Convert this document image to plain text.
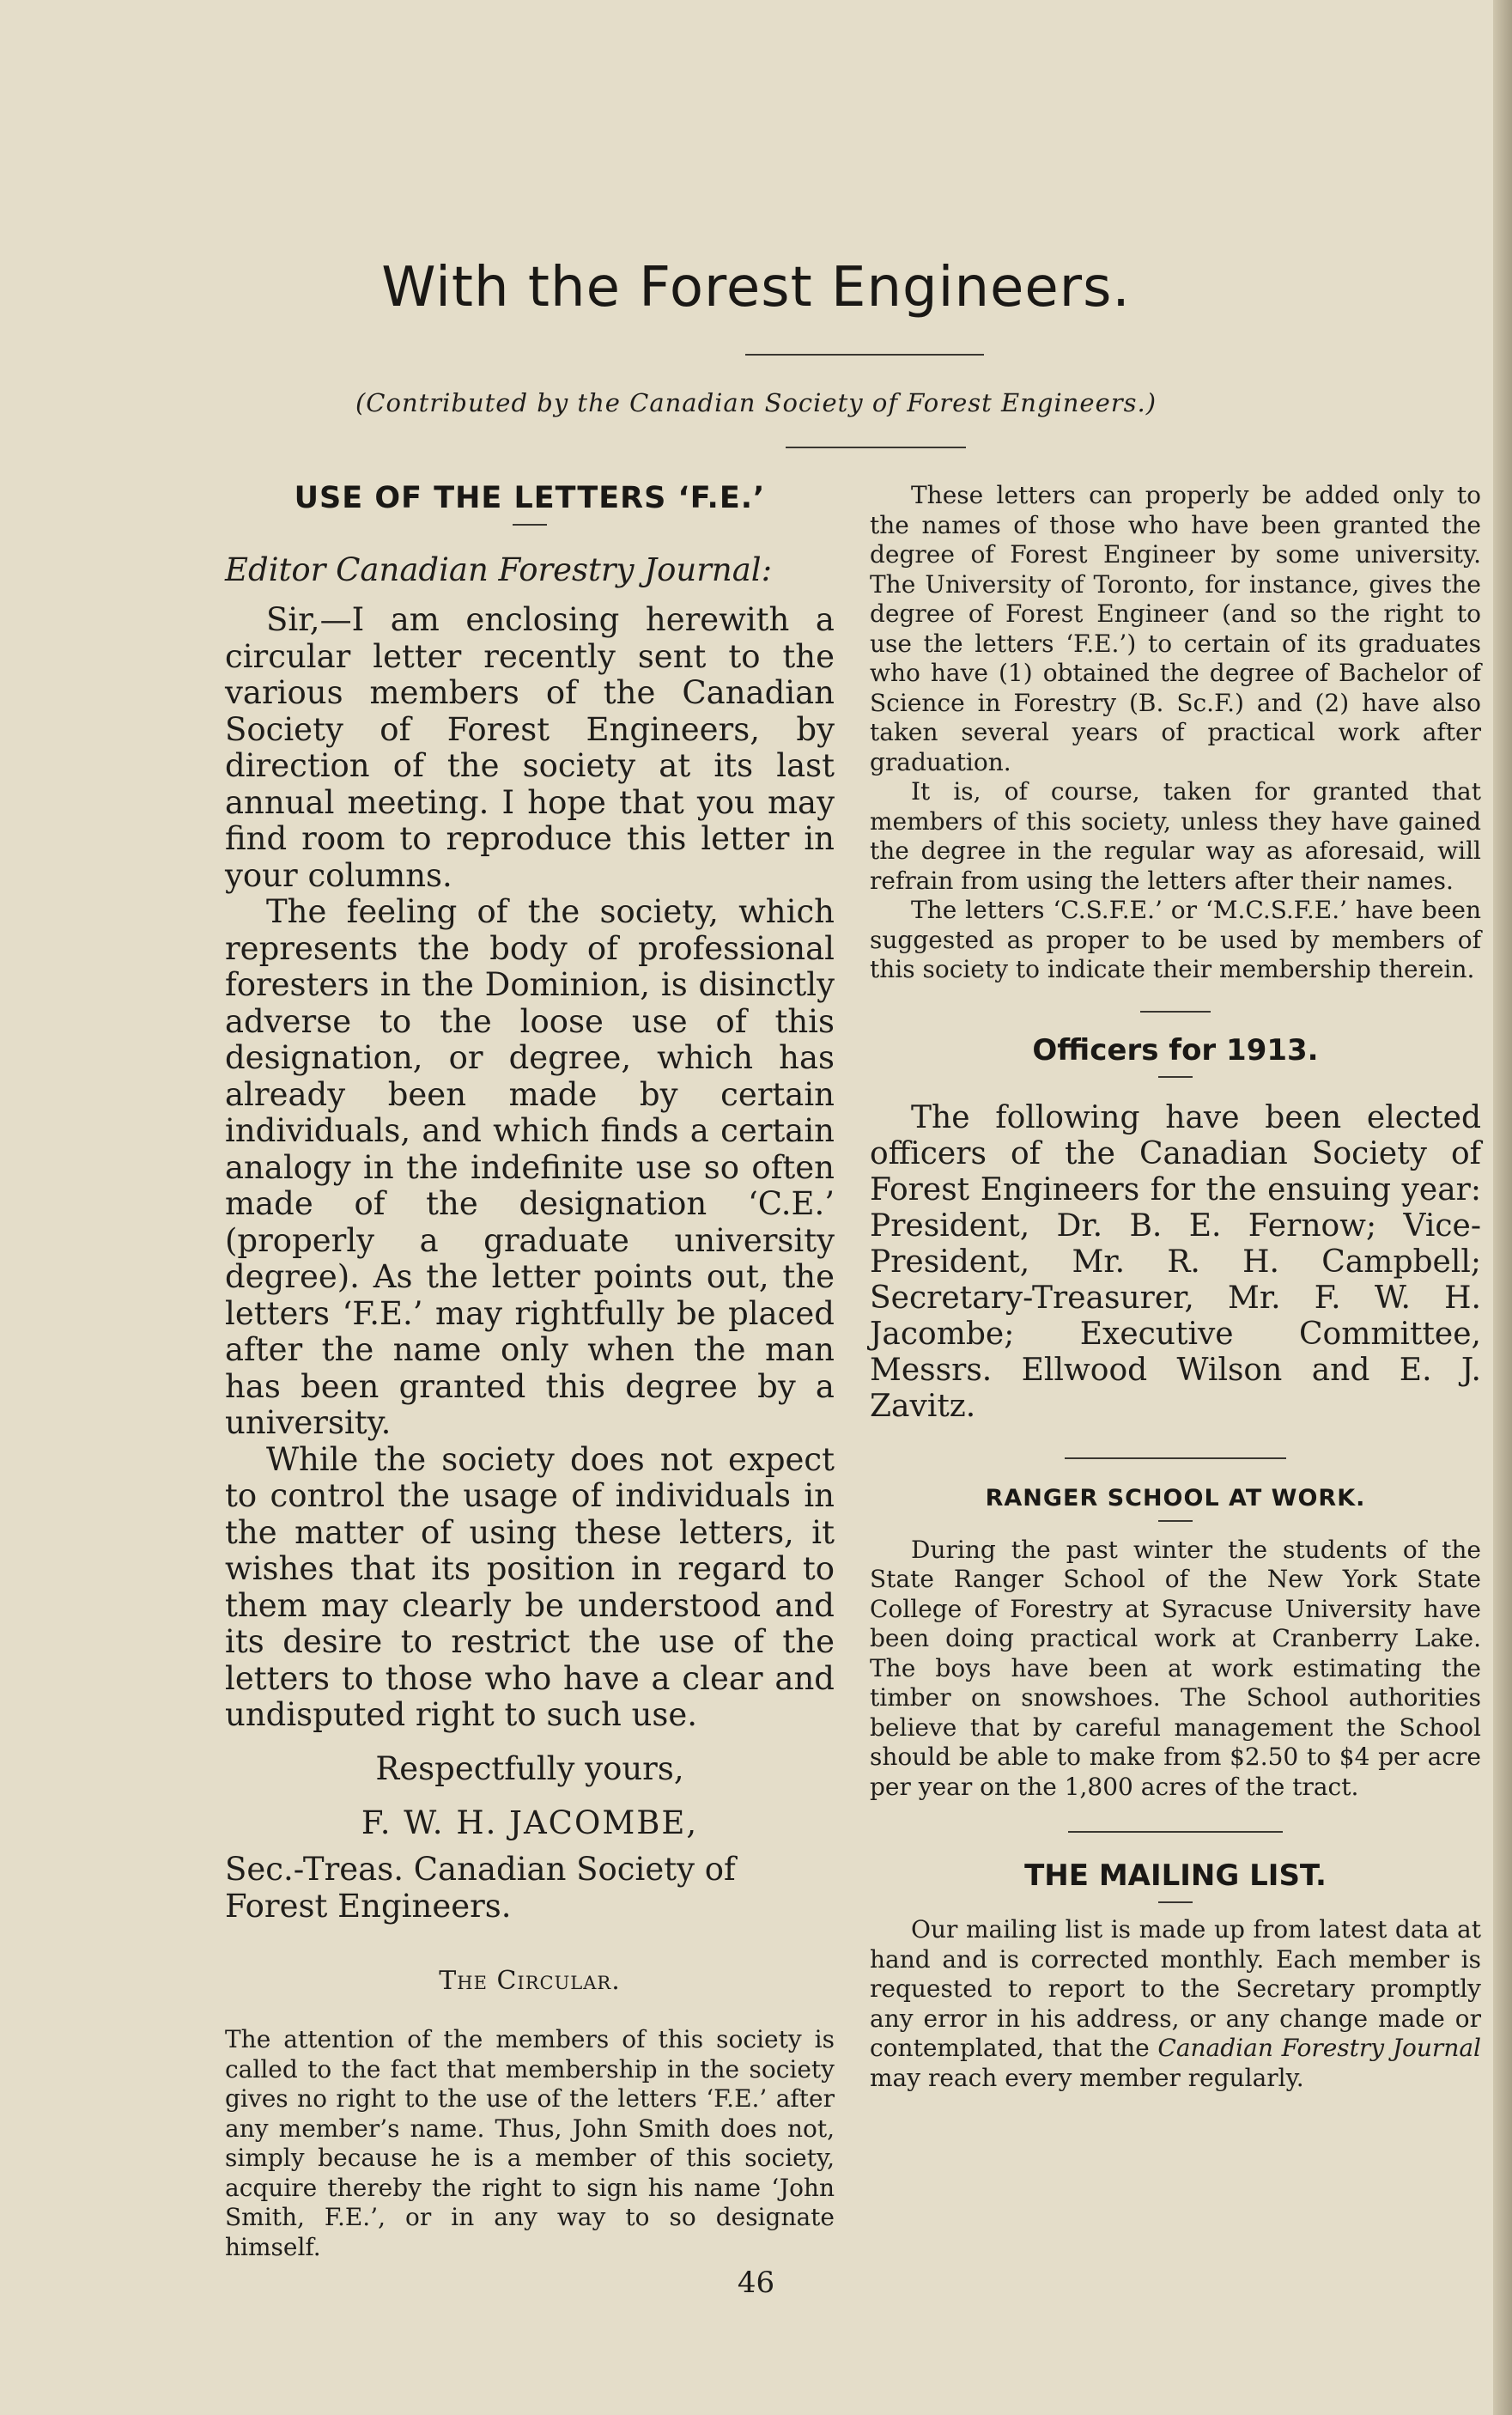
With the Forest Engineers.
(Contributed by the Canadian Society of Forest Engineers.)
USE OF THE LETTERS ‘F.E.’

Editor Canadian Forestry Journal:

Sir,—I am enclosing herewith a circular letter recently sent to the various members of the Canadian Society of Forest Engineers, by direction of the society at its last annual meeting. I hope that you may find room to reproduce this letter in your columns.

The feeling of the society, which represents the body of professional foresters in the Dominion, is disinctly adverse to the loose use of this designation, or degree, which has already been made by certain individuals, and which finds a certain analogy in the indefinite use so often made of the designation ‘C.E.’ (properly a graduate university degree). As the letter points out, the letters ‘F.E.’ may rightfully be placed after the name only when the man has been granted this degree by a university.

While the society does not expect to control the usage of individuals in the matter of using these letters, it wishes that its position in regard to them may clearly be understood and its desire to restrict the use of the letters to those who have a clear and undisputed right to such use.

Respectfully yours,

F. W. H. JACOMBE,

Sec.-Treas. Canadian Society of Forest Engineers.

The Circular.

The attention of the members of this society is called to the fact that membership in the society gives no right to the use of the letters ‘F.E.’ after any member’s name. Thus, John Smith does not, simply because he is a member of this society, acquire thereby the right to sign his name ‘John Smith, F.E.’, or in any way to so designate himself.

These letters can properly be added only to the names of those who have been granted the degree of Forest Engineer by some university. The University of Toronto, for instance, gives the degree of Forest Engineer (and so the right to use the letters ‘F.E.’) to certain of its graduates who have (1) obtained the degree of Bachelor of Science in Forestry (B. Sc.F.) and (2) have also taken several years of practical work after graduation.

It is, of course, taken for granted that members of this society, unless they have gained the degree in the regular way as aforesaid, will refrain from using the letters after their names.

The letters ‘C.S.F.E.’ or ‘M.C.S.F.E.’ have been suggested as proper to be used by members of this society to indicate their membership therein.

Officers for 1913.

The following have been elected officers of the Canadian Society of Forest Engineers for the ensuing year: President, Dr. B. E. Fernow; Vice-President, Mr. R. H. Campbell; Secretary-Treasurer, Mr. F. W. H. Jacombe; Executive Committee, Messrs. Ellwood Wilson and E. J. Zavitz.

RANGER SCHOOL AT WORK.

During the past winter the students of the State Ranger School of the New York State College of Forestry at Syracuse University have been doing practical work at Cranberry Lake. The boys have been at work estimating the timber on snowshoes. The School authorities believe that by careful management the School should be able to make from $2.50 to $4 per acre per year on the 1,800 acres of the tract.

THE MAILING LIST.

Our mailing list is made up from latest data at hand and is corrected monthly. Each member is requested to report to the Secretary promptly any error in his address, or any change made or contemplated, that the Canadian Forestry Journal may reach every member regularly.

46
